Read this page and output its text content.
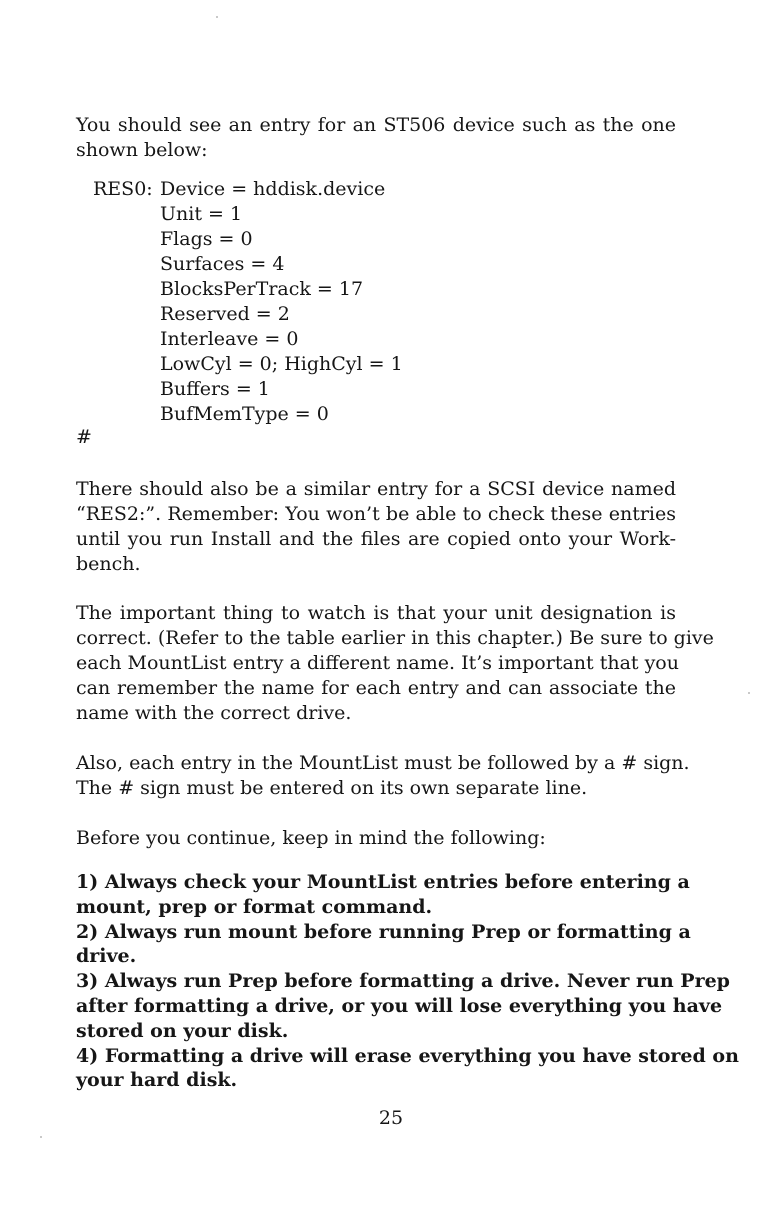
You should see an entry for an ST506 device such as the one
shown below:

RES0: Device = hddisk.device
Unit = 1
Flags = 0
Surfaces = 4
BlocksPerTrack = 17
Reserved = 2
Interleave = 0
LowCyl = 0; HighCyl = 1
Buffers = 1
BufMemType = 0
#

There should also be a similar entry for a SCSI device named
“RES2:”. Remember: You won’t be able to check these entries
until you run Install and the files are copied onto your Work-
bench.

The important thing to watch is that your unit designation is
correct. (Refer to the table earlier in this chapter.) Be sure to give
each MountList entry a different name. It’s important that you
can remember the name for each entry and can associate the
name with the correct drive.

Also, each entry in the MountList must be followed by a # sign.
The # sign must be entered on its own separate line.

Before you continue, keep in mind the following:

1) Always check your MountList entries before entering a
mount, prep or format command.
2) Always run mount before running Prep or formatting a
drive.
3) Always run Prep before formatting a drive. Never run Prep
after formatting a drive, or you will lose everything you have
stored on your disk.
4) Formatting a drive will erase everything you have stored on
your hard disk.
25
